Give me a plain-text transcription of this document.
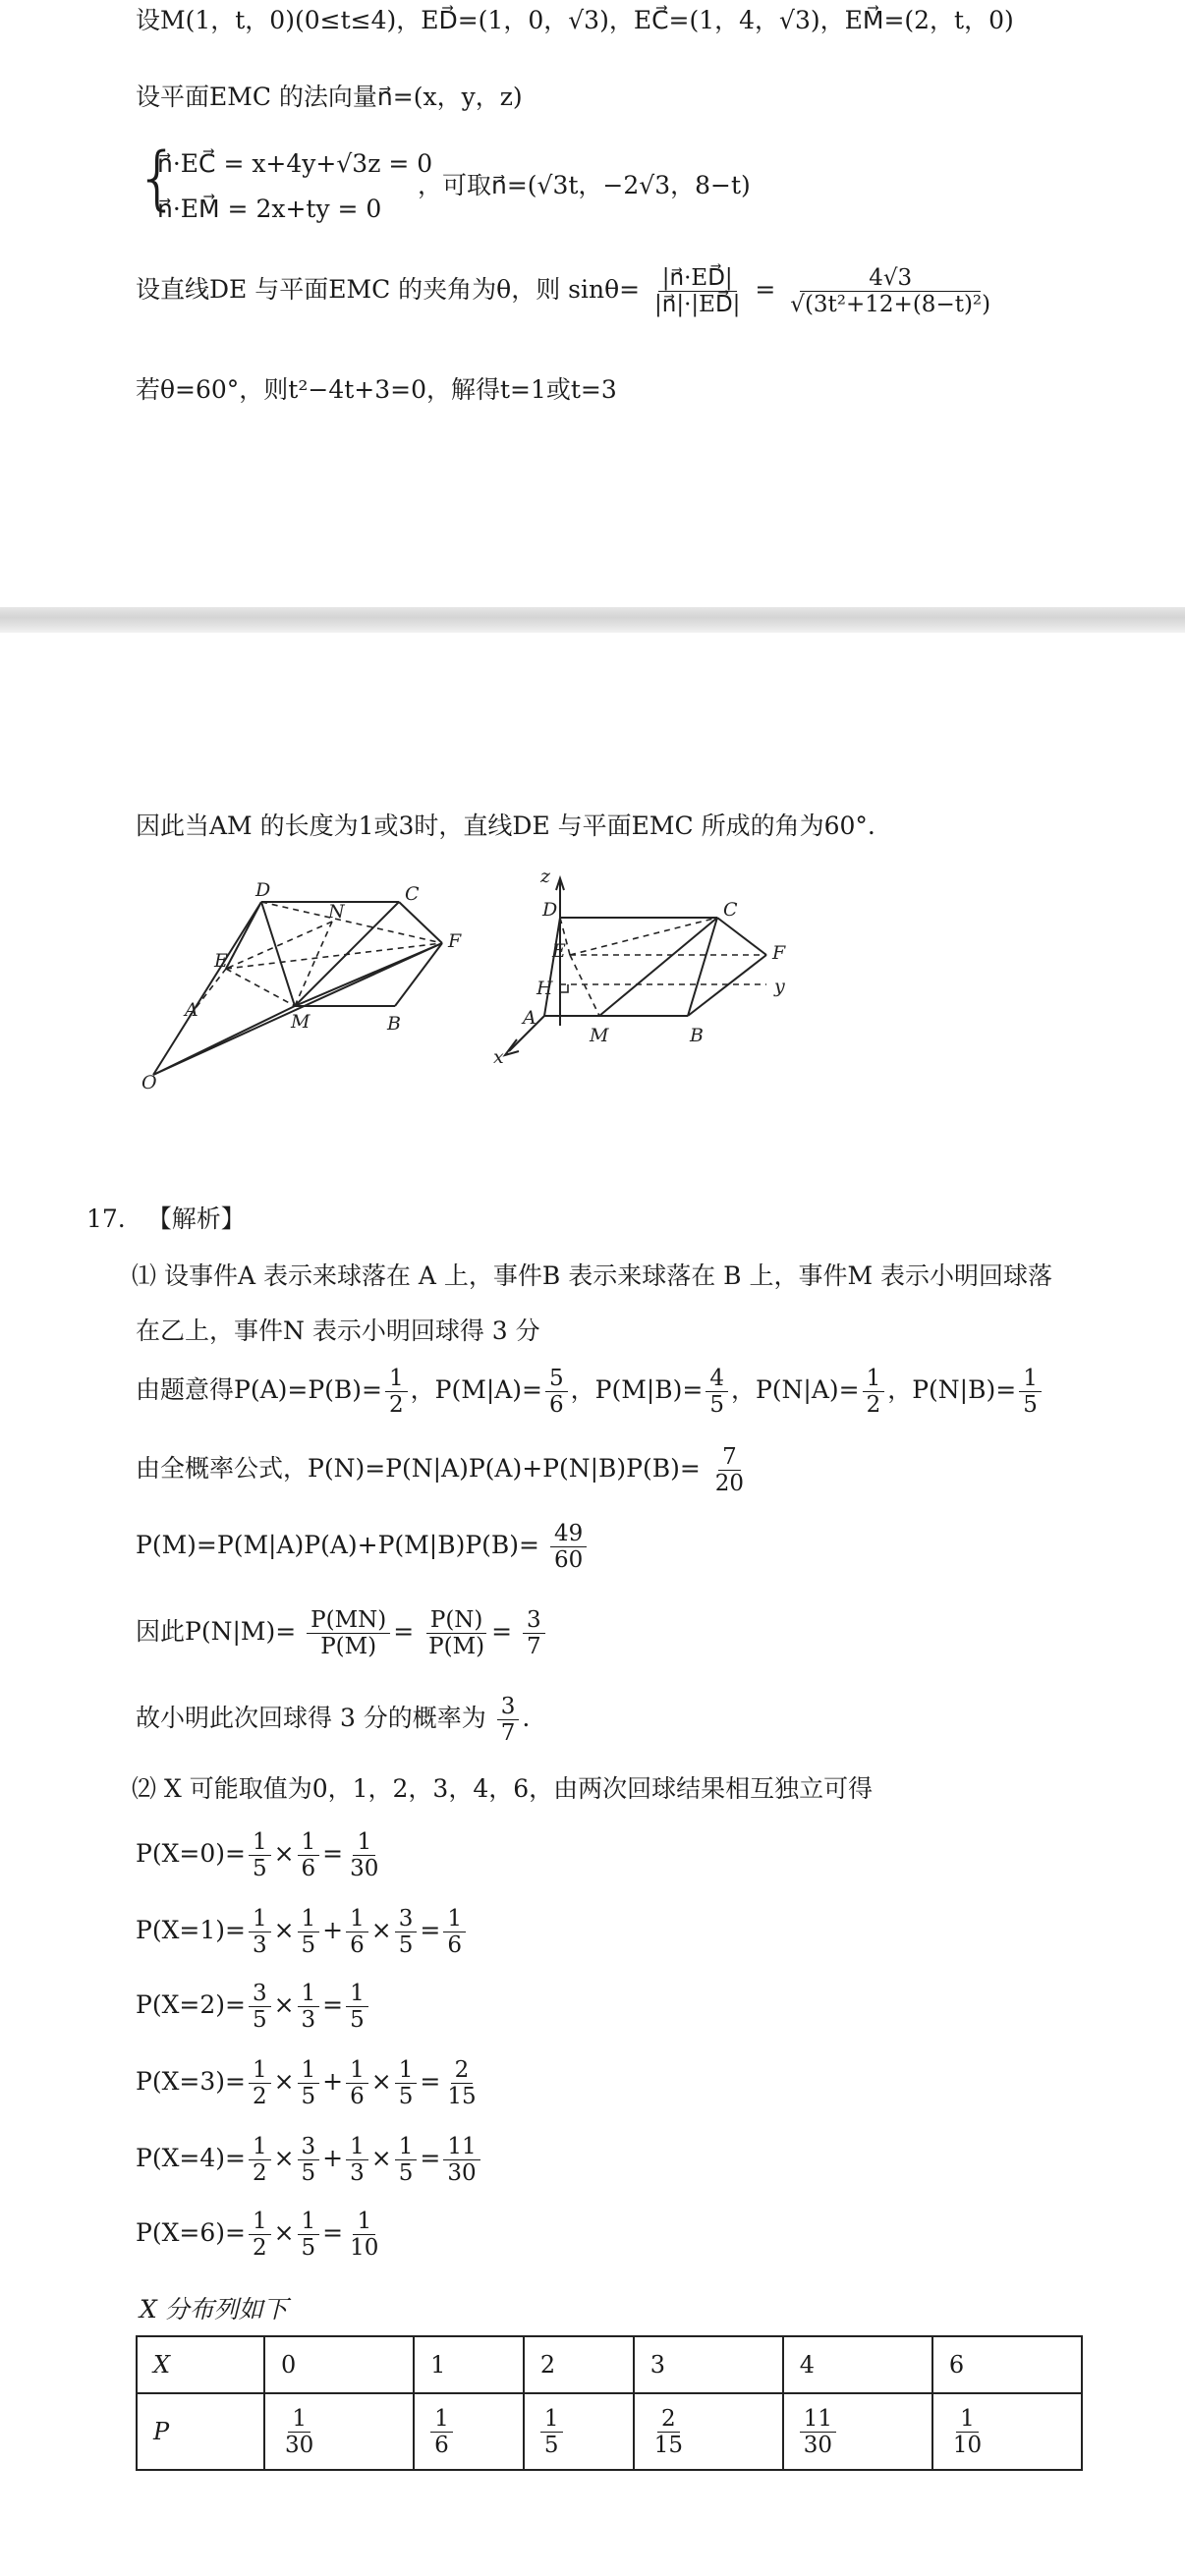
设M(1，t，0)(0≤t≤4)，ED⃗=(1，0，√3)，EC⃗=(1，4，√3)，EM⃗=(2，t，0)
设平面EMC 的法向量n⃗=(x，y，z)
{
n⃗·EC⃗ = x+4y+√3z = 0
n⃗·EM⃗ = 2x+ty = 0
，可取n⃗=(√3t，−2√3，8−t)
设直线DE 与平面EMC 的夹角为θ，则 $\sin\theta= \frac{|n⃗\cdot ED⃗|}{|n⃗|\cdot|ED⃗|} = \frac{4√3}{\text{√(3t²+12+(8−t)²)}}$
若θ=60°，则t²−4t+3=0，解得t=1或t=3
因此当AM 的长度为1或3时，直线DE 与平面EMC 所成的角为60°.
D	C
N
E
F
A
M	B
O
z
D	C
E	F
H
A
y
M	B
x
17. 【解析】
⑴ 设事件A 表示来球落在 A 上，事件B 表示来球落在 B 上，事件M 表示小明回球落
在乙上，事件N 表示小明回球得 3 分
由题意得$P(A)=P(B)= \frac{1}{2}$ ，$P(M|A)= \frac{5}{6}$ ，$P(M|B)= \frac{4}{5}$ ，$P(N|A)= \frac{1}{2}$ ，$P(N|B)= \frac{1}{5}$
由全概率公式，$P(N)=P(N|A)P(A)+P(N|B)P(B)= \frac{7}{20}$
$P(M)=P(M|A)P(A)+P(M|B)P(B)= \frac{49}{60}$
因此$P(N|M)= \frac{P(MN)}{P(M)} = \frac{P(N)}{P(M)} = \frac{3}{7}$
故小明此次回球得 3 分的概率为 $\frac{3}{7}$ .
⑵ X 可能取值为0，1，2，3，4，6，由两次回球结果相互独立可得
$P(X=0)= \frac{1}{5} \times \frac{1}{6} = \frac{1}{30}$
$P(X=1)= \frac{1}{3} \times \frac{1}{5} + \frac{1}{6} \times \frac{3}{5} = \frac{1}{6}$
$P(X=2)= \frac{3}{5} \times \frac{1}{3} = \frac{1}{5}$
$P(X=3)= \frac{1}{2} \times \frac{1}{5} + \frac{1}{6} \times \frac{1}{5} = \frac{2}{15}$
$P(X=4)= \frac{1}{2} \times \frac{3}{5} + \frac{1}{3} \times \frac{1}{5} = \frac{11}{30}$
$P(X=6)= \frac{1}{2} \times \frac{1}{5} = \frac{1}{10}$
X 分布列如下
X	0	1	2	3	4	6
P	$\frac{1}{30}$	$\frac{1}{6}$	$\frac{1}{5}$	$\frac{2}{15}$	$\frac{11}{30}$	$\frac{1}{10}$
